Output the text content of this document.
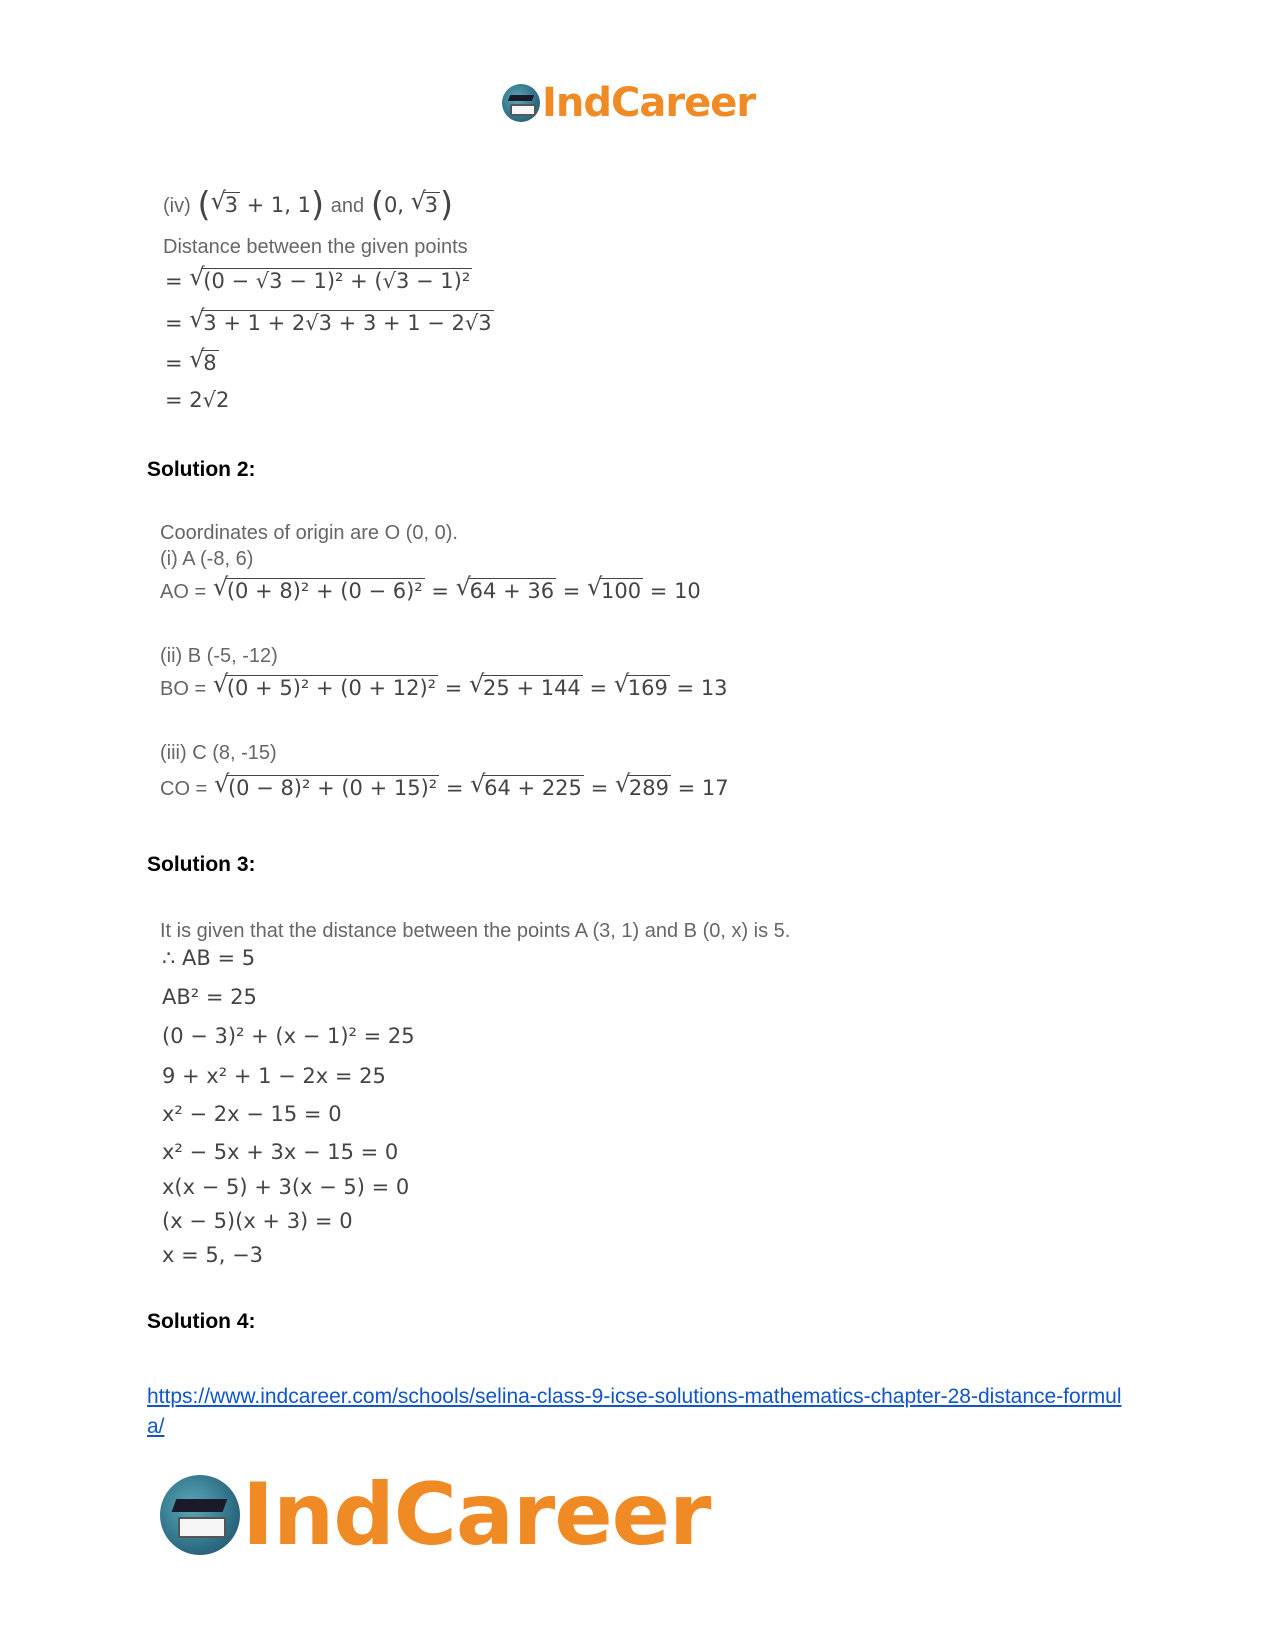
IndCareer
(iv) ( √
3 + 1, 1) and (0, √
3)
Distance between the given points
= √
(0 − √3 − 1)² + (√3 − 1)²
= √
3 + 1 + 2√3 + 3 + 1 − 2√3
= √
8
= 2√2
Solution 2:
Coordinates of origin are O (0, 0).
(i) A (-8, 6)
AO = √
(0 + 8)² + (0 − 6)² = √
64 + 36 = √
100 = 10
(ii) B (-5, -12)
BO = √
(0 + 5)² + (0 + 12)² = √
25 + 144 = √
169 = 13
(iii) C (8, -15)
CO = √
(0 − 8)² + (0 + 15)² = √
64 + 225 = √
289 = 17
Solution 3:
It is given that the distance between the points A (3, 1) and B (0, x) is 5.
∴ AB = 5
AB² = 25
(0 − 3)² + (x − 1)² = 25
9 + x² + 1 − 2x = 25
x² − 2x − 15 = 0
x² − 5x + 3x − 15 = 0
x(x − 5) + 3(x − 5) = 0
(x − 5)(x + 3) = 0
x = 5, −3
Solution 4:
https://www.indcareer.com/schools/selina-class-9-icse-solutions-mathematics-chapter-28-distance-formula/
IndCareer
